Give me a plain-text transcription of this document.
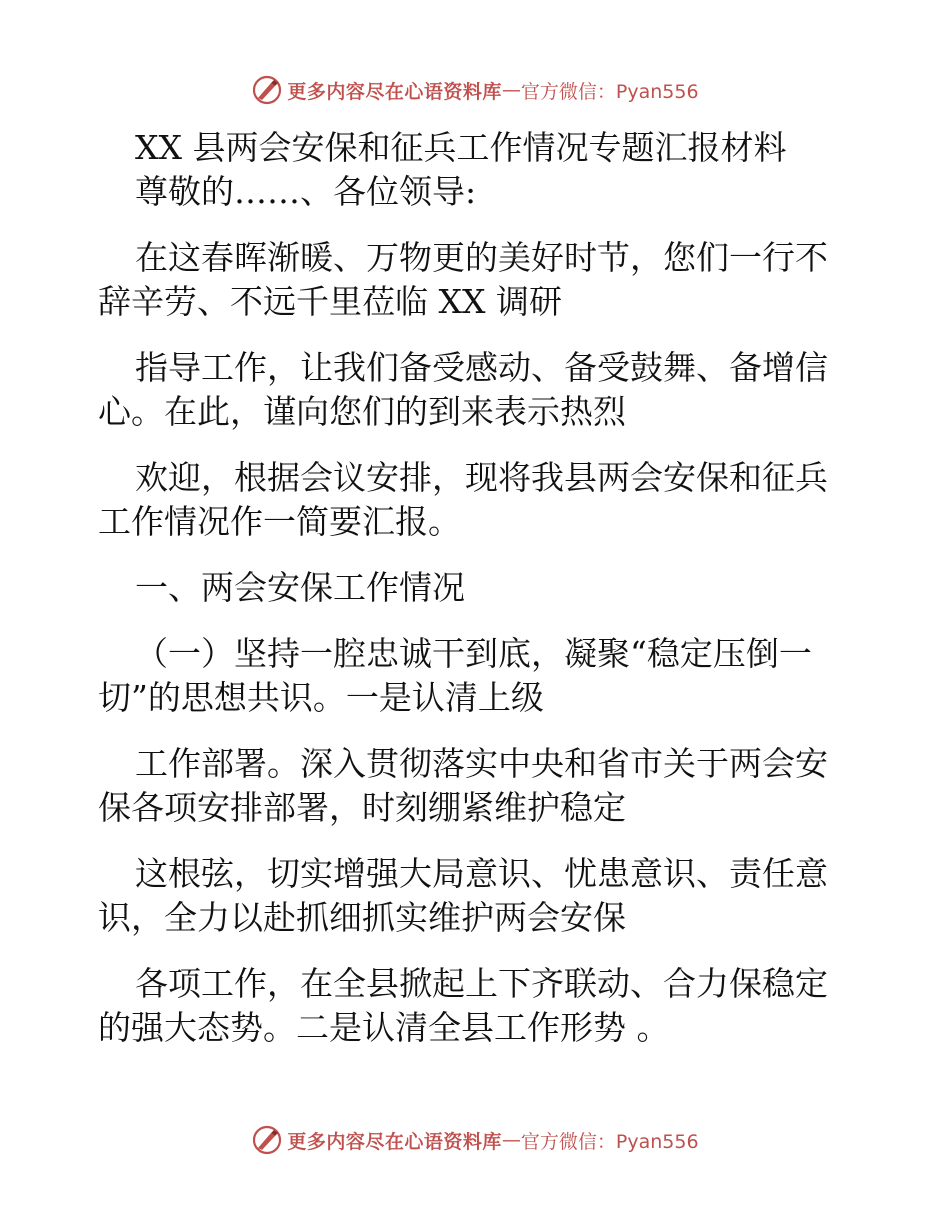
更多内容尽在心语资料库 — 官方微信：Pyan556
XX 县两会安保和征兵工作情况专题汇报材料
尊敬的……、各位领导:
在这春晖渐暖、万物更的美好时节，您们一行不
辞辛劳、不远千里莅临 XX 调研
指导工作，让我们备受感动、备受鼓舞、备增信
心。在此，谨向您们的到来表示热烈
欢迎，根据会议安排，现将我县两会安保和征兵
工作情况作一简要汇报。
一、两会安保工作情况
（一）坚持一腔忠诚干到底，凝聚“稳定压倒一
切”的思想共识。一是认清上级
工作部署。深入贯彻落实中央和省市关于两会安
保各项安排部署，时刻绷紧维护稳定
这根弦，切实增强大局意识、忧患意识、责任意
识，全力以赴抓细抓实维护两会安保
各项工作，在全县掀起上下齐联动、合力保稳定
的强大态势。二是认清全县工作形势 。
更多内容尽在心语资料库 — 官方微信：Pyan556
